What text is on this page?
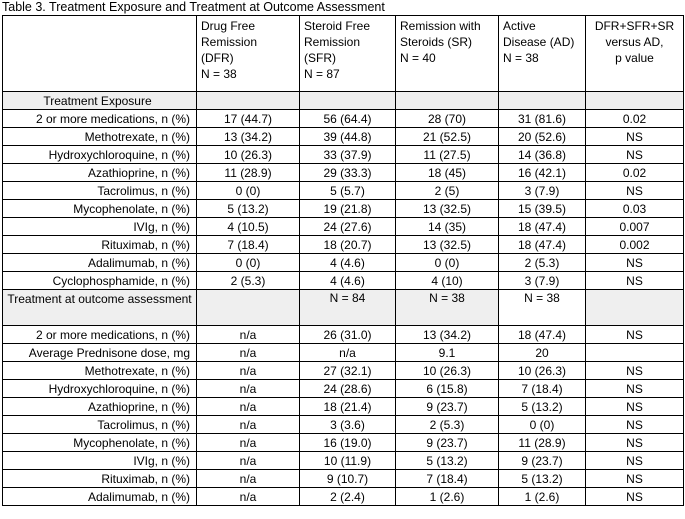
Table 3. Treatment Exposure and Treatment at Outcome Assessment

	Drug Free
Remission
(DFR)
N = 38	Steroid Free
Remission
(SFR)
N = 87	Remission with
Steroids (SR)
N = 40	Active
Disease (AD)
N = 38	DFR+SFR+SR
versus AD,
p value

Treatment Exposure					
2 or more medications, n (%)	17 (44.7)	56 (64.4)	28 (70)	31 (81.6)	0.02
Methotrexate, n (%)	13 (34.2)	39 (44.8)	21 (52.5)	20 (52.6)	NS
Hydroxychloroquine, n (%)	10 (26.3)	33 (37.9)	11 (27.5)	14 (36.8)	NS
Azathioprine, n (%)	11 (28.9)	29 (33.3)	18 (45)	16 (42.1)	0.02
Tacrolimus, n (%)	0 (0)	5 (5.7)	2 (5)	3 (7.9)	NS
Mycophenolate, n (%)	5 (13.2)	19 (21.8)	13 (32.5)	15 (39.5)	0.03
IVIg, n (%)	4 (10.5)	24 (27.6)	14 (35)	18 (47.4)	0.007
Rituximab, n (%)	7 (18.4)	18 (20.7)	13 (32.5)	18 (47.4)	0.002
Adalimumab, n (%)	0 (0)	4 (4.6)	0 (0)	2 (5.3)	NS
Cyclophosphamide, n (%)	2 (5.3)	4 (4.6)	4 (10)	3 (7.9)	NS
Treatment at outcome assessment		N = 84	N = 38	N = 38	
2 or more medications, n (%)	n/a	26 (31.0)	13 (34.2)	18 (47.4)	NS
Average Prednisone dose, mg	n/a	n/a	9.1	20	
Methotrexate, n (%)	n/a	27 (32.1)	10 (26.3)	10 (26.3)	NS
Hydroxychloroquine, n (%)	n/a	24 (28.6)	6 (15.8)	7 (18.4)	NS
Azathioprine, n (%)	n/a	18 (21.4)	9 (23.7)	5 (13.2)	NS
Tacrolimus, n (%)	n/a	3 (3.6)	2 (5.3)	0 (0)	NS
Mycophenolate, n (%)	n/a	16 (19.0)	9 (23.7)	11 (28.9)	NS
IVIg, n (%)	n/a	10 (11.9)	5 (13.2)	9 (23.7)	NS
Rituximab, n (%)	n/a	9 (10.7)	7 (18.4)	5 (13.2)	NS
Adalimumab, n (%)	n/a	2 (2.4)	1 (2.6)	1 (2.6)	NS
